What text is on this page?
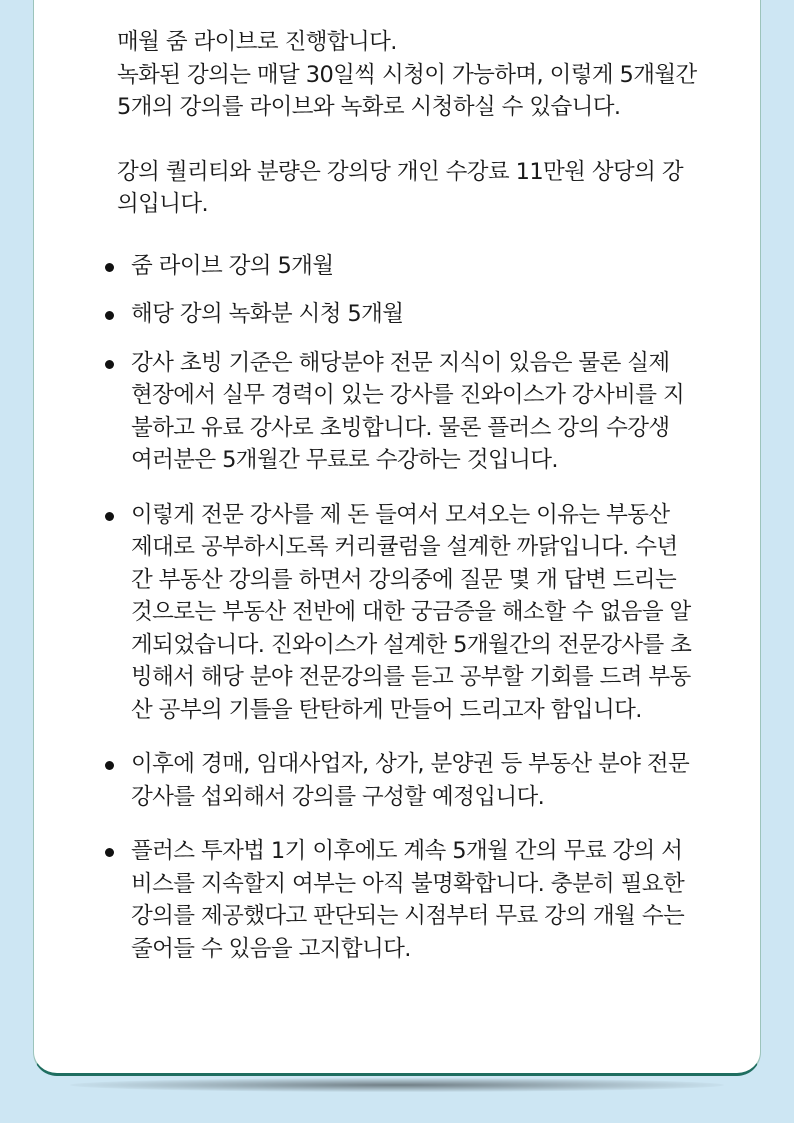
매월 줌 라이브로 진행합니다.
녹화된 강의는 매달 30일씩 시청이 가능하며, 이렇게 5개월간
5개의 강의를 라이브와 녹화로 시청하실 수 있습니다.

강의 퀄리티와 분량은 강의당 개인 수강료 11만원 상당의 강
의입니다.

줌 라이브 강의 5개월
해당 강의 녹화분 시청 5개월
강사 초빙 기준은 해당분야 전문 지식이 있음은 물론 실제
현장에서 실무 경력이 있는 강사를 진와이스가 강사비를 지
불하고 유료 강사로 초빙합니다. 물론 플러스 강의 수강생
여러분은 5개월간 무료로 수강하는 것입니다.
이렇게 전문 강사를 제 돈 들여서 모셔오는 이유는 부동산
제대로 공부하시도록 커리큘럼을 설계한 까닭입니다. 수년
간 부동산 강의를 하면서 강의중에 질문 몇 개 답변 드리는
것으로는 부동산 전반에 대한 궁금증을 해소할 수 없음을 알
게되었습니다. 진와이스가 설계한 5개월간의 전문강사를 초
빙해서 해당 분야 전문강의를 듣고 공부할 기회를 드려 부동
산 공부의 기틀을 탄탄하게 만들어 드리고자 함입니다.
이후에 경매, 임대사업자, 상가, 분양권 등 부동산 분야 전문
강사를 섭외해서 강의를 구성할 예정입니다.
플러스 투자법 1기 이후에도 계속 5개월 간의 무료 강의 서
비스를 지속할지 여부는 아직 불명확합니다. 충분히 필요한
강의를 제공했다고 판단되는 시점부터 무료 강의 개월 수는
줄어들 수 있음을 고지합니다.
